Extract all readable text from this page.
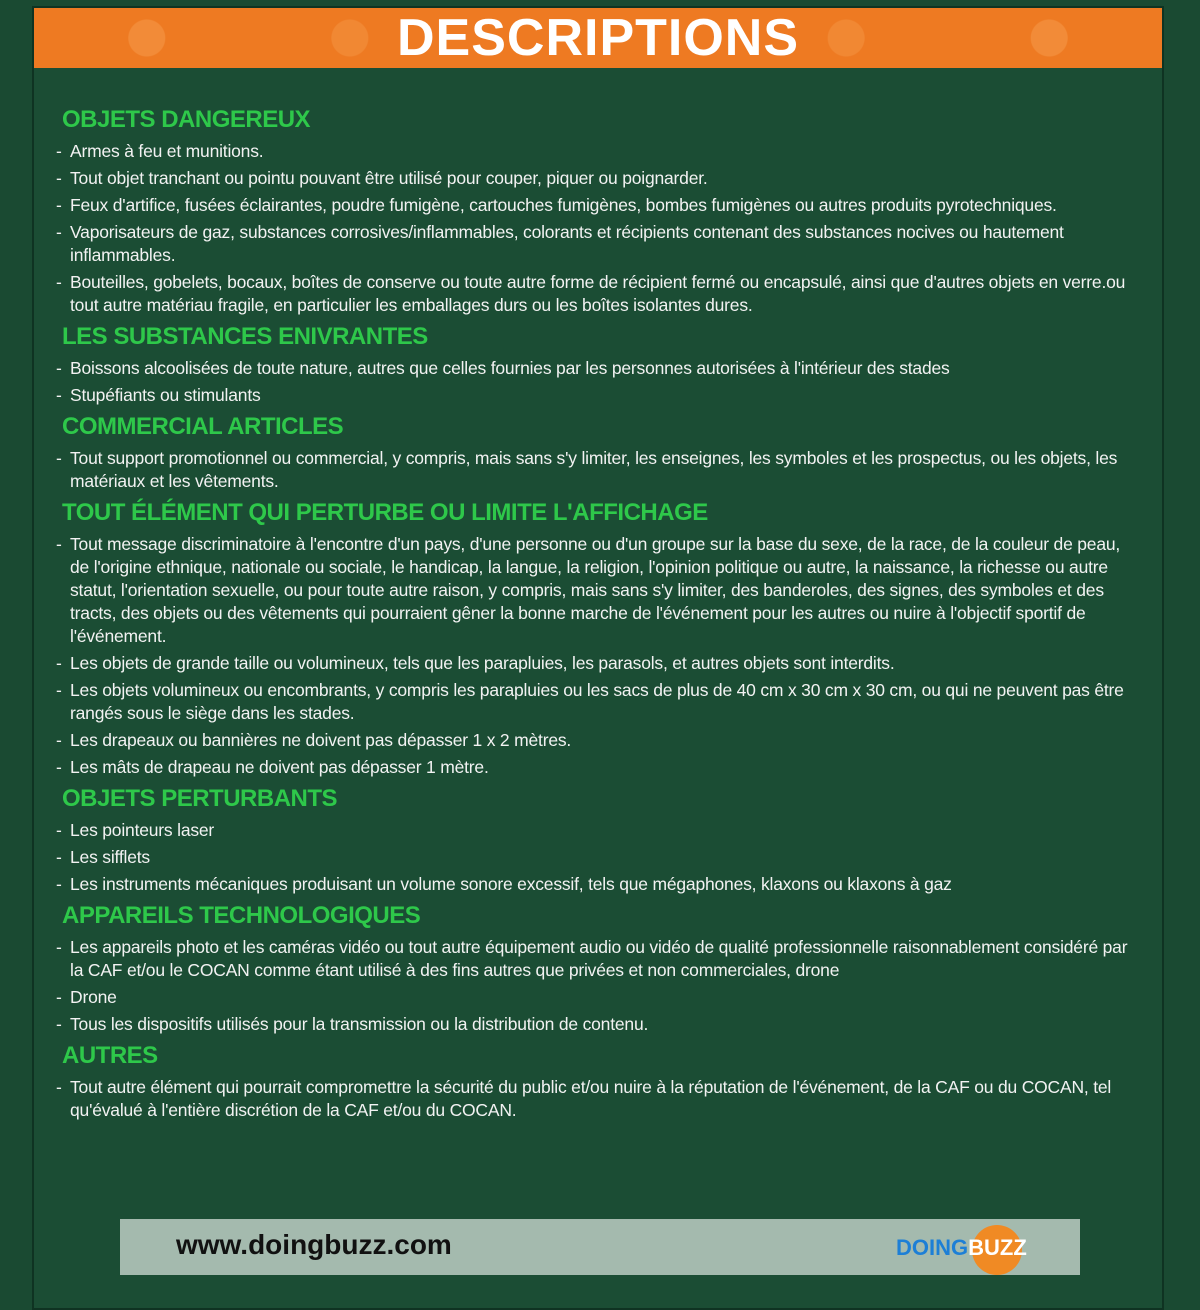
DESCRIPTIONS
OBJETS DANGEREUX
- Armes à feu et munitions.
- Tout objet tranchant ou pointu pouvant être utilisé pour couper, piquer ou poignarder.
- Feux d'artifice, fusées éclairantes, poudre fumigène, cartouches fumigènes, bombes fumigènes ou autres produits pyrotechniques.
- Vaporisateurs de gaz, substances corrosives/inflammables, colorants et récipients contenant des substances nocives ou hautement inflammables.
- Bouteilles, gobelets, bocaux, boîtes de conserve ou toute autre forme de récipient fermé ou encapsulé, ainsi que d'autres objets en verre.ou tout autre matériau fragile, en particulier les emballages durs ou les boîtes isolantes dures.
LES SUBSTANCES ENIVRANTES
- Boissons alcoolisées de toute nature, autres que celles fournies par les personnes autorisées à l'intérieur des stades
- Stupéfiants ou stimulants
COMMERCIAL ARTICLES
- Tout support promotionnel ou commercial, y compris, mais sans s'y limiter, les enseignes, les symboles et les prospectus, ou les objets, les matériaux et les vêtements.
TOUT ÉLÉMENT QUI PERTURBE OU LIMITE L'AFFICHAGE
- Tout message discriminatoire à l'encontre d'un pays, d'une personne ou d'un groupe sur la base du sexe, de la race, de la couleur de peau, de l'origine ethnique, nationale ou sociale, le handicap, la langue, la religion, l'opinion politique ou autre, la naissance, la richesse ou autre statut, l'orientation sexuelle, ou pour toute autre raison, y compris, mais sans s'y limiter, des banderoles, des signes, des symboles et des tracts, des objets ou des vêtements qui pourraient gêner la bonne marche de l'événement pour les autres ou nuire à l'objectif sportif de l'événement.
- Les objets de grande taille ou volumineux, tels que les parapluies, les parasols, et autres objets sont interdits.
- Les objets volumineux ou encombrants, y compris les parapluies ou les sacs de plus de 40 cm x 30 cm x 30 cm, ou qui ne peuvent pas être rangés sous le siège dans les stades.
- Les drapeaux ou bannières ne doivent pas dépasser 1 x 2 mètres.
- Les mâts de drapeau ne doivent pas dépasser 1 mètre.
OBJETS PERTURBANTS
- Les pointeurs laser
- Les sifflets
- Les instruments mécaniques produisant un volume sonore excessif, tels que mégaphones, klaxons ou klaxons à gaz
APPAREILS TECHNOLOGIQUES
- Les appareils photo et les caméras vidéo ou tout autre équipement audio ou vidéo de qualité professionnelle raisonnablement considéré par la CAF et/ou le COCAN comme étant utilisé à des fins autres que privées et non commerciales, drone
- Drone
- Tous les dispositifs utilisés pour la transmission ou la distribution de contenu.
AUTRES
- Tout autre élément qui pourrait compromettre la sécurité du public et/ou nuire à la réputation de l'événement, de la CAF ou du COCAN, tel qu'évalué à l'entière discrétion de la CAF et/ou du COCAN.
www.doingbuzz.com	DOINGBUZZ
